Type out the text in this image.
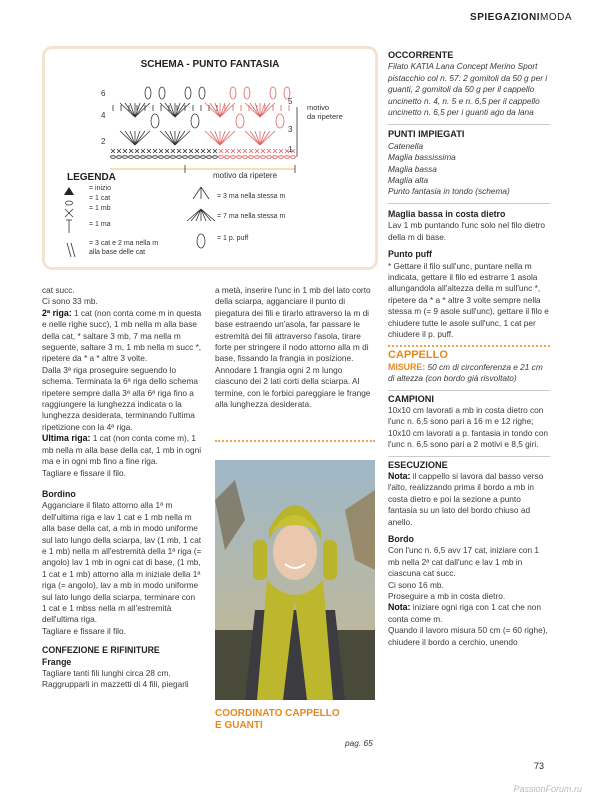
SPIEGAZIONIMODA
SCHEMA - PUNTO FANTASIA
6
5
4
3
2
1
motivo
da ripetere
motivo da ripetere
LEGENDA
= inizio
= 1 cat
= 1 mb
= 1 ma
= 3 cat e 2 ma nella m
alla base delle cat
= 3 ma nella stessa m
= 7 ma nella stessa m
= 1 p. puff

cat succ.

Ci sono 33 mb.

2ª riga: 1 cat (non conta come m in questa e nelle righe succ), 1 mb nella m alla base della cat, * saltare 3 mb, 7 ma nella m seguente, saltare 3 m, 1 mb nella m succ *, ripetere da * a * altre 3 volte.

Dalla 3ª riga proseguire seguendo lo schema. Terminata la 6ª riga dello schema ripetere sempre dalla 3ª alla 6ª riga fino a raggiungere la lunghezza indicata o la lunghezza desiderata, terminando l'ultima ripetizione con la 4ª riga.

Ultima riga: 1 cat (non conta come m), 1 mb nella m alla base della cat, 1 mb in ogni ma e in ogni mb fino a fine riga.

Tagliare e fissare il filo.

Bordino

Agganciare il filato attorno alla 1ª m dell'ultima riga e lav 1 cat e 1 mb nella m alla base della cat, a mb in modo uniforme sul lato lungo della sciarpa, lav (1 mb, 1 cat e 1 mb) nella m all'estremità della 1ª riga (= angolo) lav 1 mb in ogni cat di base, (1 mb, 1 cat e 1 mb) attorno alla m iniziale della 1ª riga (= angolo), lav a mb in modo uniforme sul lato lungo della sciarpa, terminare con 1 cat e 1 mbss nella m all'estremità dell'ultima riga.

Tagliare e fissare il filo.

CONFEZIONE E RIFINITURE

Frange

Tagliare tanti fili lunghi circa 28 cm. Raggrupparli in mazzetti di 4 fili, piegarli

a metà, inserire l'unc in 1 mb del lato corto della sciarpa, agganciare il punto di piegatura dei fili e tirarlo attraverso la m di base estraendo un'asola, far passare le estremità dei fili attraverso l'asola, tirare forte per stringere il nodo attorno alla m di base, fissando la frangia in posizione. Annodare 1 frangia ogni 2 m lungo ciascuno dei 2 lati corti della sciarpa. Al termine, con le forbici pareggiare le frange alla lunghezza desiderata.

COORDINATO CAPPELLO
E GUANTI
pag. 65

OCCORRENTE

Filato KATIA Lana Concept Merino Sport pistacchio col n. 57: 2 gomitoli da 50 g per i guanti, 2 gomitoli da 50 g per il cappello uncinetto n. 4, n. 5 e n. 6,5 per il cappello uncinetto n. 6,5 per i guanti ago da lana

PUNTI IMPIEGATI

Catenella

Maglia bassissima

Maglia bassa

Maglia alta

Punto fantasia in tondo (schema)

Maglia bassa in costa dietro

Lav 1 mb puntando l'unc solo nel filo dietro della m di base.

Punto puff

* Gettare il filo sull'unc, puntare nella m indicata, gettare il filo ed estrarre 1 asola allungandola all'altezza della m sull'unc *, ripetere da * a * altre 3 volte sempre nella stessa m (= 9 asole sull'unc), gettare il filo e chiudere tutte le asole sull'unc, 1 cat per chiudere il p. puff.

CAPPELLO

MISURE: 50 cm di circonferenza e 21 cm di altezza (con bordo già risvoltato)

CAMPIONI

10x10 cm lavorati a mb in costa dietro con l'unc n. 6,5 sono pari a 16 m e 12 righe; 10x10 cm lavorati a p. fantasia in tondo con l'unc n. 6,5 sono pari a 2 motivi e 8,5 giri.

ESECUZIONE

Nota: il cappello si lavora dal basso verso l'alto, realizzando prima il bordo a mb in costa dietro e poi la sezione a punto fantasia su un lato del bordo chiuso ad anello.

Bordo

Con l'unc n. 6,5 avv 17 cat, iniziare con 1 mb nella 2ª cat dall'unc e lav 1 mb in ciascuna cat succ.

Ci sono 16 mb.

Proseguire a mb in costa dietro.

Nota: iniziare ogni riga con 1 cat che non conta come m.

Quando il lavoro misura 50 cm (= 60 righe), chiudere il bordo a cerchio, unendo

73
PassionForum.ru
